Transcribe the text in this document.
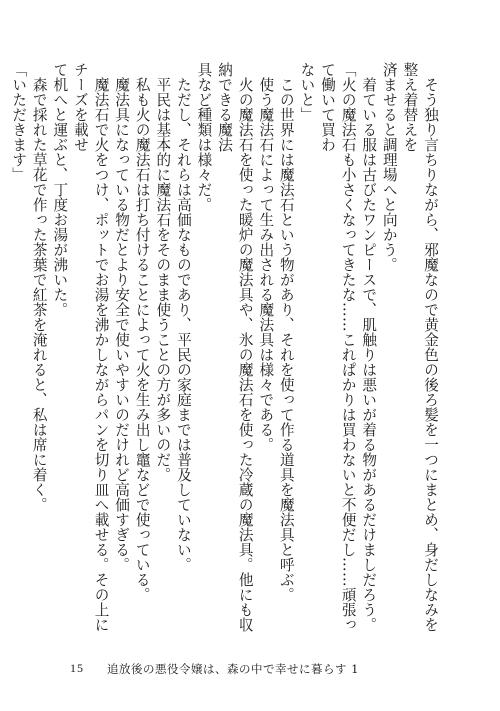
そう独り言ちりながら、邪魔なので黄金色の後ろ髪を一つにまとめ、身だしなみを整え着替えを

済ませると調理場へと向かう。

着ている服は古びたワンピースで、肌触りは悪いが着る物があるだけましだろう。

「火の魔法石も小さくなってきたな……これぱかりは買わないと不便だし……頑張って働いて買わ

ないと」

この世界には魔法石という物があり、それを使って作る道具を魔法具と呼ぶ。

使う魔法石によって生み出される魔法具は様々である。

火の魔法石を使った暖炉の魔法具や、氷の魔法石を使った冷蔵の魔法具。他にも収納できる魔法

具など種類は様々だ。

ただし、それらは高価なものであり、平民の家庭までは普及していない。

平民は基本的に魔法石をそのまま使うことの方が多いのだ。

私も火の魔法石は打ち付けることによって火を生み出し竈などで使っている。

魔法具になっている物だとより安全で使いやすいのだけれど高価すぎる。

魔法石で火をつけ、ポットでお湯を沸かしながらパンを切り皿へ載せる。その上にチーズを載せ

て机へと運ぶと、丁度お湯が沸いた。

森で採れた草花で作った茶葉で紅茶を淹れると、私は席に着く。

「いただきます」

15 追放後の悪役令嬢は、森の中で幸せに暮らす 1
